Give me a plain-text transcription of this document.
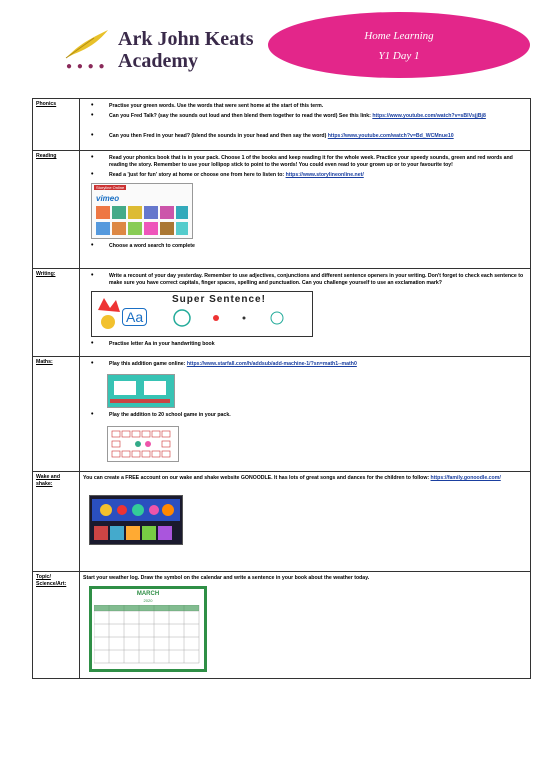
● ● ● ●
Ark John Keats
Academy
Home Learning
Y1 Day 1
Phonics	• Practise your green words. Use the words that were sent home at the start of this term.
• Can you Fred Talk? (say the sounds out loud and then blend them together to read the word) See this link: https://www.youtube.com/watch?v=sBlVsjjBj8
• Can you then Fred in your head? (blend the sounds in your head and then say the word) https://www.youtube.com/watch?v=Bd_WCMnue10

Reading	• Read your phonics book that is in your pack. Choose 1 of the books and keep reading it for the whole week. Practice your speedy sounds, green and red words and reading the story. Remember to use your lollipop stick to point to the words! You could even read to your grown up or to your favourite toy!
• Read a 'just for fun' story at home or choose one from here to listen to: https://www.storylineonline.net/
Storyline Online
vimeo
• Choose a word search to complete

Writing:	• Write a recount of your day yesterday. Remember to use adjectives, conjunctions and different sentence openers in your writing. Don't forget to check each sentence to make sure you have correct capitals, finger spaces, spelling and punctuation. Can you challenge yourself to use an exclamation mark?
Super Sentence!
Aa
• Practise letter Aa in your handwriting book

Maths:	• Play this addition game online: https://www.starfall.com/h/addsub/add-machine-1/?sn=math1--math0
• Play the addition to 20 school game in your pack.

Wake and shake:	You can create a FREE account on our wake and shake website GONOODLE. It has lots of great songs and dances for the children to follow: https://family.gonoodle.com/

Topic/ Science/Art:	Start your weather log. Draw the symbol on the calendar and write a sentence in your book about the weather today.
MARCH
2020
